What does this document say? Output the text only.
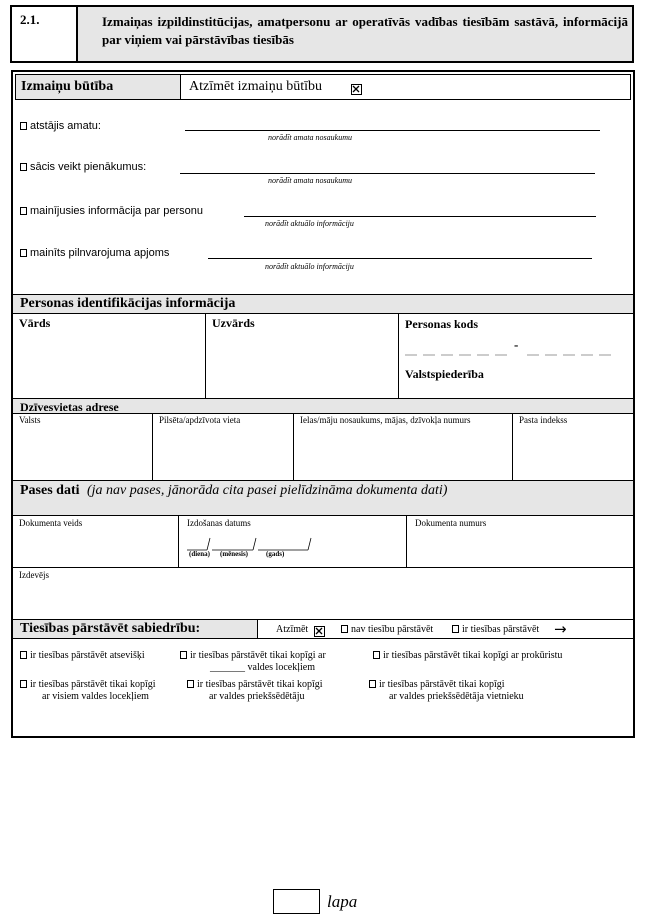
2.1.	Izmaiņas izpildinstitūcijas, amatpersonu ar operatīvās vadības tiesībām sastāvā, informācijā par viņiem vai pārstāvības tiesībās
Izmaiņu būtība	Atzīmēt izmaiņu būtību
atstājis amatu:
norādīt amata nosaukumu
sācis veikt pienākumus:
norādīt amata nosaukumu
mainījusies informācija par personu
norādīt aktuālo informāciju
mainīts pilnvarojuma apjoms
norādīt aktuālo informāciju
Personas identifikācijas informācija
Vārds	Uzvārds	Personas kods
-
Valstspiederība
Dzīvesvietas adrese
Valsts	Pilsēta/apdzīvota vieta	Ielas/māju nosaukums, mājas, dzīvokļa numurs	Pasta indekss
Pases dati (ja nav pases, jānorāda cita pasei pielīdzināma dokumenta dati)
Dokumenta veids	Izdošanas datums
(diena) (mēnesis)	(gads)
Dokumenta numurs
Izdevējs
Tiesības pārstāvēt sabiedrību:	Atzīmēt	nav tiesību pārstāvēt	ir tiesības pārstāvēt →
ir tiesības pārstāvēt atsevišķi	ir tiesības pārstāvēt tikai kopīgi ar
_______ valdes locekļiem
ir tiesības pārstāvēt tikai kopīgi ar prokūristu
ir tiesības pārstāvēt tikai kopīgi
ar visiem valdes locekļiem
ir tiesības pārstāvēt tikai kopīgi
ar valdes priekšsēdētāju
ir tiesības pārstāvēt tikai kopīgi
ar valdes priekšsēdētāja vietnieku
lapa
